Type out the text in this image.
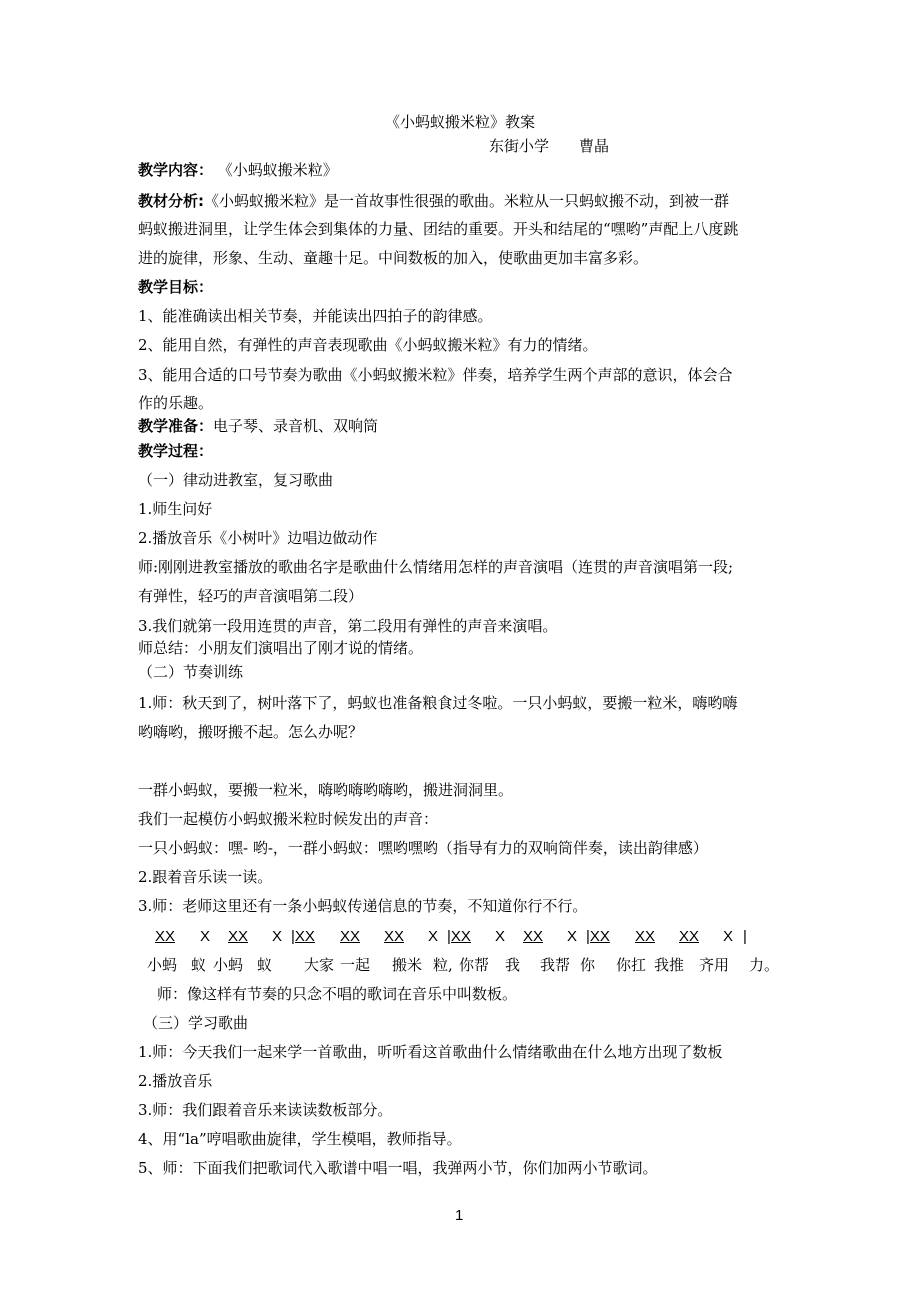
《小蚂蚁搬米粒》教案
东街小学　　曹晶
教学内容： 《小蚂蚁搬米粒》
教材分析:《小蚂蚁搬米粒》是一首故事性很强的歌曲。米粒从一只蚂蚁搬不动，到被一群
蚂蚁搬进洞里，让学生体会到集体的力量、团结的重要。开头和结尾的“嘿哟”声配上八度跳
进的旋律，形象、生动、童趣十足。中间数板的加入，使歌曲更加丰富多彩。
教学目标：
1、能准确读出相关节奏，并能读出四拍子的韵律感。
2、能用自然，有弹性的声音表现歌曲《小蚂蚁搬米粒》有力的情绪。
3、能用合适的口号节奏为歌曲《小蚂蚁搬米粒》伴奏，培养学生两个声部的意识，体会合
作的乐趣。
教学准备：电子琴、录音机、双响筒
教学过程：
（一）律动进教室，复习歌曲
1.师生问好
2.播放音乐《小树叶》边唱边做动作
师:刚刚进教室播放的歌曲名字是歌曲什么情绪用怎样的声音演唱（连贯的声音演唱第一段;
有弹性，轻巧的声音演唱第二段）
3.我们就第一段用连贯的声音，第二段用有弹性的声音来演唱。
师总结：小朋友们演唱出了刚才说的情绪。
（二）节奏训练
1.师：秋天到了，树叶落下了，蚂蚁也准备粮食过冬啦。一只小蚂蚁，要搬一粒米，嗨哟嗨
哟嗨哟，搬呀搬不起。怎么办呢？
一群小蚂蚁，要搬一粒米，嗨哟嗨哟嗨哟，搬进洞洞里。
我们一起模仿小蚂蚁搬米粒时候发出的声音：
一只小蚂蚁：嘿- 哟-，一群小蚂蚁：嘿哟嘿哟（指导有力的双响筒伴奏，读出韵律感）
2.跟着音乐读一读。
3.师：老师这里还有一条小蚂蚁传递信息的节奏，不知道你行不行。
XX X XX X |XX XX XX X |XX X XX X |XX XX XX X |
小蚂 蚁 小蚂 蚁 大家 一起 搬米 粒, 你帮 我 我帮 你 你扛 我推 齐用 力。
师：像这样有节奏的只念不唱的歌词在音乐中叫数板。
（三）学习歌曲
1.师：今天我们一起来学一首歌曲，听听看这首歌曲什么情绪歌曲在什么地方出现了数板
2.播放音乐
3.师：我们跟着音乐来读读数板部分。
4、用“la”哼唱歌曲旋律，学生模唱，教师指导。
5、师：下面我们把歌词代入歌谱中唱一唱，我弹两小节，你们加两小节歌词。
1
